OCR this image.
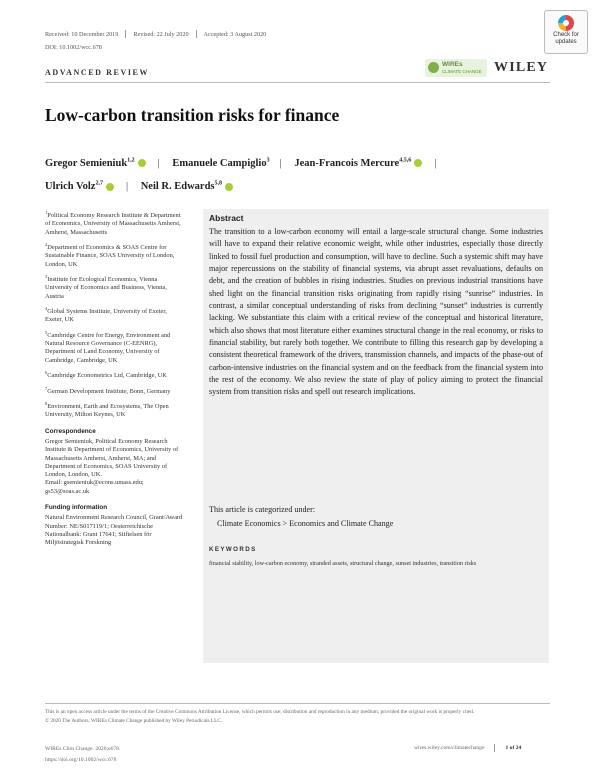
Received: 10 December 2019 Revised: 22 July 2020 Accepted: 3 August 2020
DOI: 10.1002/wcc.678
Check for updates
ADVANCED REVIEW
WIREs
CLIMATE CHANGE WILEY
Low-carbon transition risks for finance
Gregor Semieniuk$^{1,2}$ | Emanuele Campiglio$^3$ | Jean-Francois Mercure$^{4,5,6}$ |
Ulrich Volz$^{2,7}$ | Neil R. Edwards$^{5,8}$
$^1$Political Economy Research Institute & Department of Economics, University of Massachusetts Amherst, Amherst, Massachusetts
$^2$Department of Economics & SOAS Centre for Sustainable Finance, SOAS University of London, London, UK
$^3$Institute for Ecological Economics, Vienna University of Economics and Business, Vienna, Austria
$^4$Global Systems Institute, University of Exeter, Exeter, UK
$^5$Cambridge Centre for Energy, Environment and Natural Resource Governance (C-EENRG), Department of Land Economy, University of Cambridge, Cambridge, UK
$^6$Cambridge Econometrics Ltd, Cambridge, UK
$^7$German Development Institute, Bonn, Germany
$^8$Environment, Earth and Ecosystems, The Open University, Milton Keynes, UK
Correspondence
Gregor Semieniuk, Political Economy Research Institute & Department of Economics, University of Massachusetts Amherst, Amherst, MA; and Department of Economics, SOAS University of London, London, UK.
Email: gsemieniuk@econs.umass.edu; gs53@soas.ac.uk
Funding information
Natural Environment Research Council, Grant/Award Number: NE/S017119/1; Oesterreichische Nationalbank: Grant 17641; Stiftelsen för Miljöstrategisk Forskning
Abstract
The transition to a low-carbon economy will entail a large-scale structural change. Some industries will have to expand their relative economic weight, while other industries, especially those directly linked to fossil fuel production and consumption, will have to decline. Such a systemic shift may have major repercussions on the stability of financial systems, via abrupt asset revaluations, defaults on debt, and the creation of bubbles in rising industries. Studies on previous industrial transitions have shed light on the financial transition risks originating from rapidly rising “sunrise” industries. In contrast, a similar conceptual understanding of risks from declining “sunset” industries is currently lacking. We substantiate this claim with a critical review of the conceptual and historical literature, which also shows that most literature either examines structural change in the real economy, or risks to financial stability, but rarely both together. We contribute to filling this research gap by developing a consistent theoretical framework of the drivers, transmission channels, and impacts of the phase-out of carbon-intensive industries on the financial system and on the feedback from the financial system into the rest of the economy. We also review the state of play of policy aiming to protect the financial system from transition risks and spell out research implications.
This article is categorized under:
Climate Economics > Economics and Climate Change
KEYWORDS
financial stability, low-carbon economy, stranded assets, structural change, sunset industries, transition risks
This is an open access article under the terms of the Creative Commons Attribution License, which permits use, distribution and reproduction in any medium, provided the original work is properly cited.
© 2020 The Authors. WIREs Climate Change published by Wiley Periodicals LLC.
WIREs Clim Change. 2020;e678.
https://doi.org/10.1002/wcc.678
wires.wiley.com/climatechange	1 of 24
